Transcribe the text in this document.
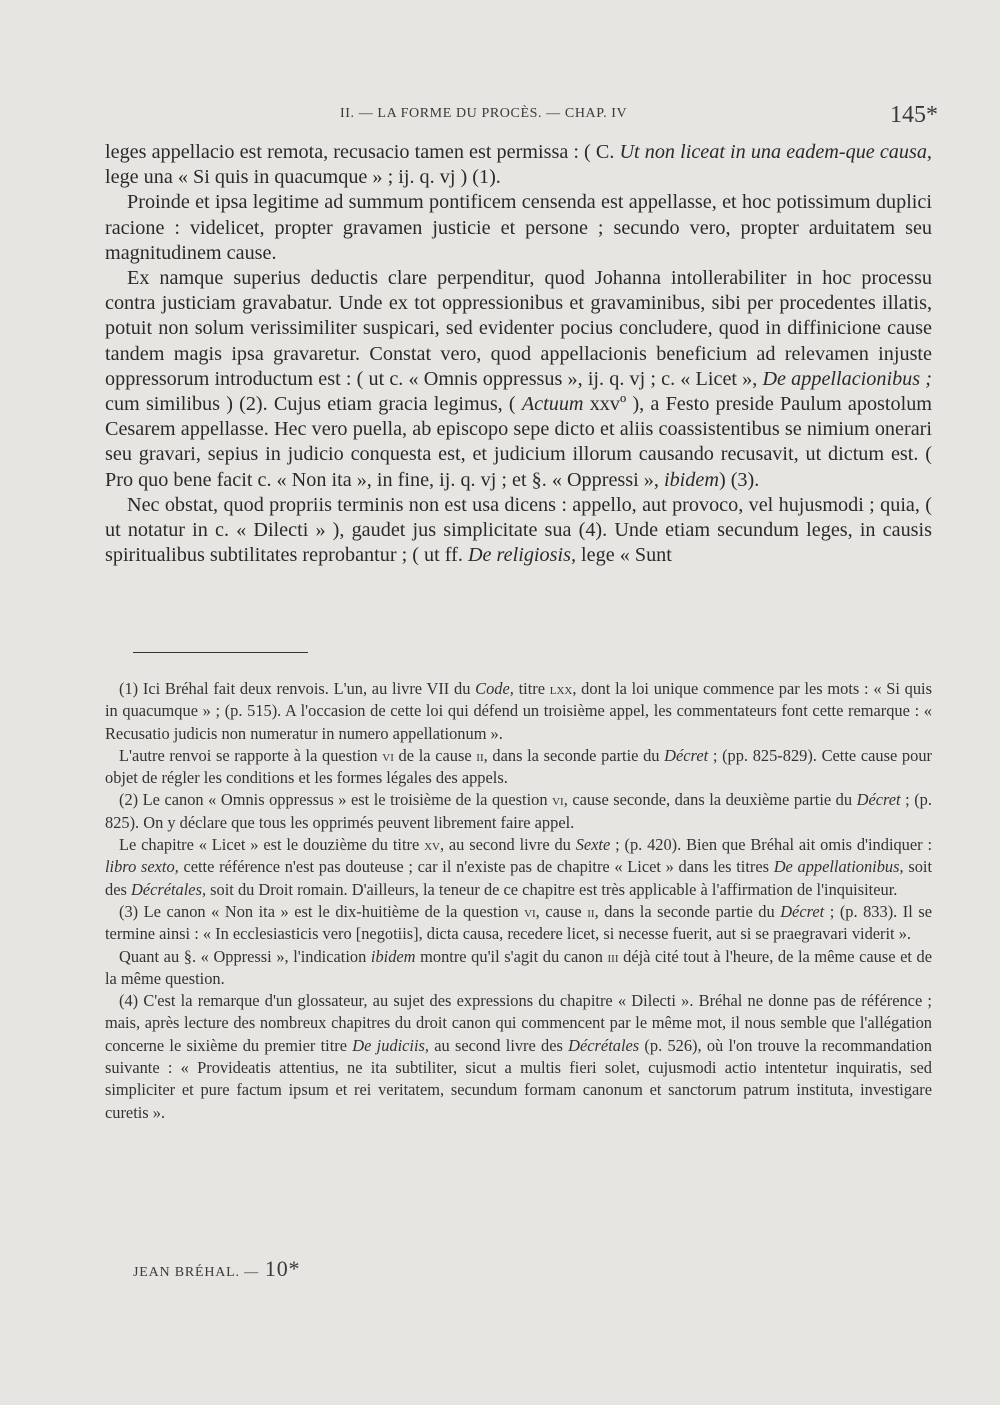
II. — LA FORME DU PROCÈS. — CHAP. IV	145*

leges appellacio est remota, recusacio tamen est permissa : ( C. Ut non liceat in una eadem-que causa, lege una « Si quis in quacumque » ; ij. q. vj ) (1).

Proinde et ipsa legitime ad summum pontificem censenda est appellasse, et hoc potissimum duplici racione : videlicet, propter gravamen justicie et persone ; secundo vero, propter arduitatem seu magnitudinem cause.

Ex namque superius deductis clare perpenditur, quod Johanna intollerabiliter in hoc processu contra justiciam gravabatur. Unde ex tot oppressionibus et gravaminibus, sibi per procedentes illatis, potuit non solum verissimiliter suspicari, sed evidenter pocius concludere, quod in diffinicione cause tandem magis ipsa gravaretur. Constat vero, quod appellacionis beneficium ad relevamen injuste oppressorum introductum est : ( ut c. « Omnis oppressus », ij. q. vj ; c. « Licet », De appellacionibus ; cum similibus ) (2). Cujus etiam gracia legimus, ( Actuum xxvº ), a Festo preside Paulum apostolum Cesarem appellasse. Hec vero puella, ab episcopo sepe dicto et aliis coassistentibus se nimium onerari seu gravari, sepius in judicio conquesta est, et judicium illorum causando recusavit, ut dictum est. ( Pro quo bene facit c. « Non ita », in fine, ij. q. vj ; et §. « Oppressi », ibidem) (3).

Nec obstat, quod propriis terminis non est usa dicens : appello, aut provoco, vel hujusmodi ; quia, ( ut notatur in c. « Dilecti » ), gaudet jus simplicitate sua (4). Unde etiam secundum leges, in causis spiritualibus subtilitates reprobantur ; ( ut ff. De religiosis, lege « Sunt

(1) Ici Bréhal fait deux renvois. L'un, au livre VII du Code, titre lxx, dont la loi unique commence par les mots : « Si quis in quacumque » ; (p. 515). A l'occasion de cette loi qui défend un troisième appel, les commentateurs font cette remarque : « Recusatio judicis non numeratur in numero appellationum ».

L'autre renvoi se rapporte à la question vi de la cause ii, dans la seconde partie du Décret ; (pp. 825-829). Cette cause pour objet de régler les conditions et les formes légales des appels.

(2) Le canon « Omnis oppressus » est le troisième de la question vi, cause seconde, dans la deuxième partie du Décret ; (p. 825). On y déclare que tous les opprimés peuvent librement faire appel.

Le chapitre « Licet » est le douzième du titre xv, au second livre du Sexte ; (p. 420). Bien que Bréhal ait omis d'indiquer : libro sexto, cette référence n'est pas douteuse ; car il n'existe pas de chapitre « Licet » dans les titres De appellationibus, soit des Décrétales, soit du Droit romain. D'ailleurs, la teneur de ce chapitre est très applicable à l'affirmation de l'inquisiteur.

(3) Le canon « Non ita » est le dix-huitième de la question vi, cause ii, dans la seconde partie du Décret ; (p. 833). Il se termine ainsi : « In ecclesiasticis vero [negotiis], dicta causa, recedere licet, si necesse fuerit, aut si se praegravari viderit ».

Quant au §. « Oppressi », l'indication ibidem montre qu'il s'agit du canon iii déjà cité tout à l'heure, de la même cause et de la même question.

(4) C'est la remarque d'un glossateur, au sujet des expressions du chapitre « Dilecti ». Bréhal ne donne pas de référence ; mais, après lecture des nombreux chapitres du droit canon qui commencent par le même mot, il nous semble que l'allégation concerne le sixième du premier titre De judiciis, au second livre des Décrétales (p. 526), où l'on trouve la recommandation suivante : « Provideatis attentius, ne ita subtiliter, sicut a multis fieri solet, cujusmodi actio intentetur inquiratis, sed simpliciter et pure factum ipsum et rei veritatem, secundum formam canonum et sanctorum patrum instituta, investigare curetis ».

JEAN BRÉHAL. — 10*
